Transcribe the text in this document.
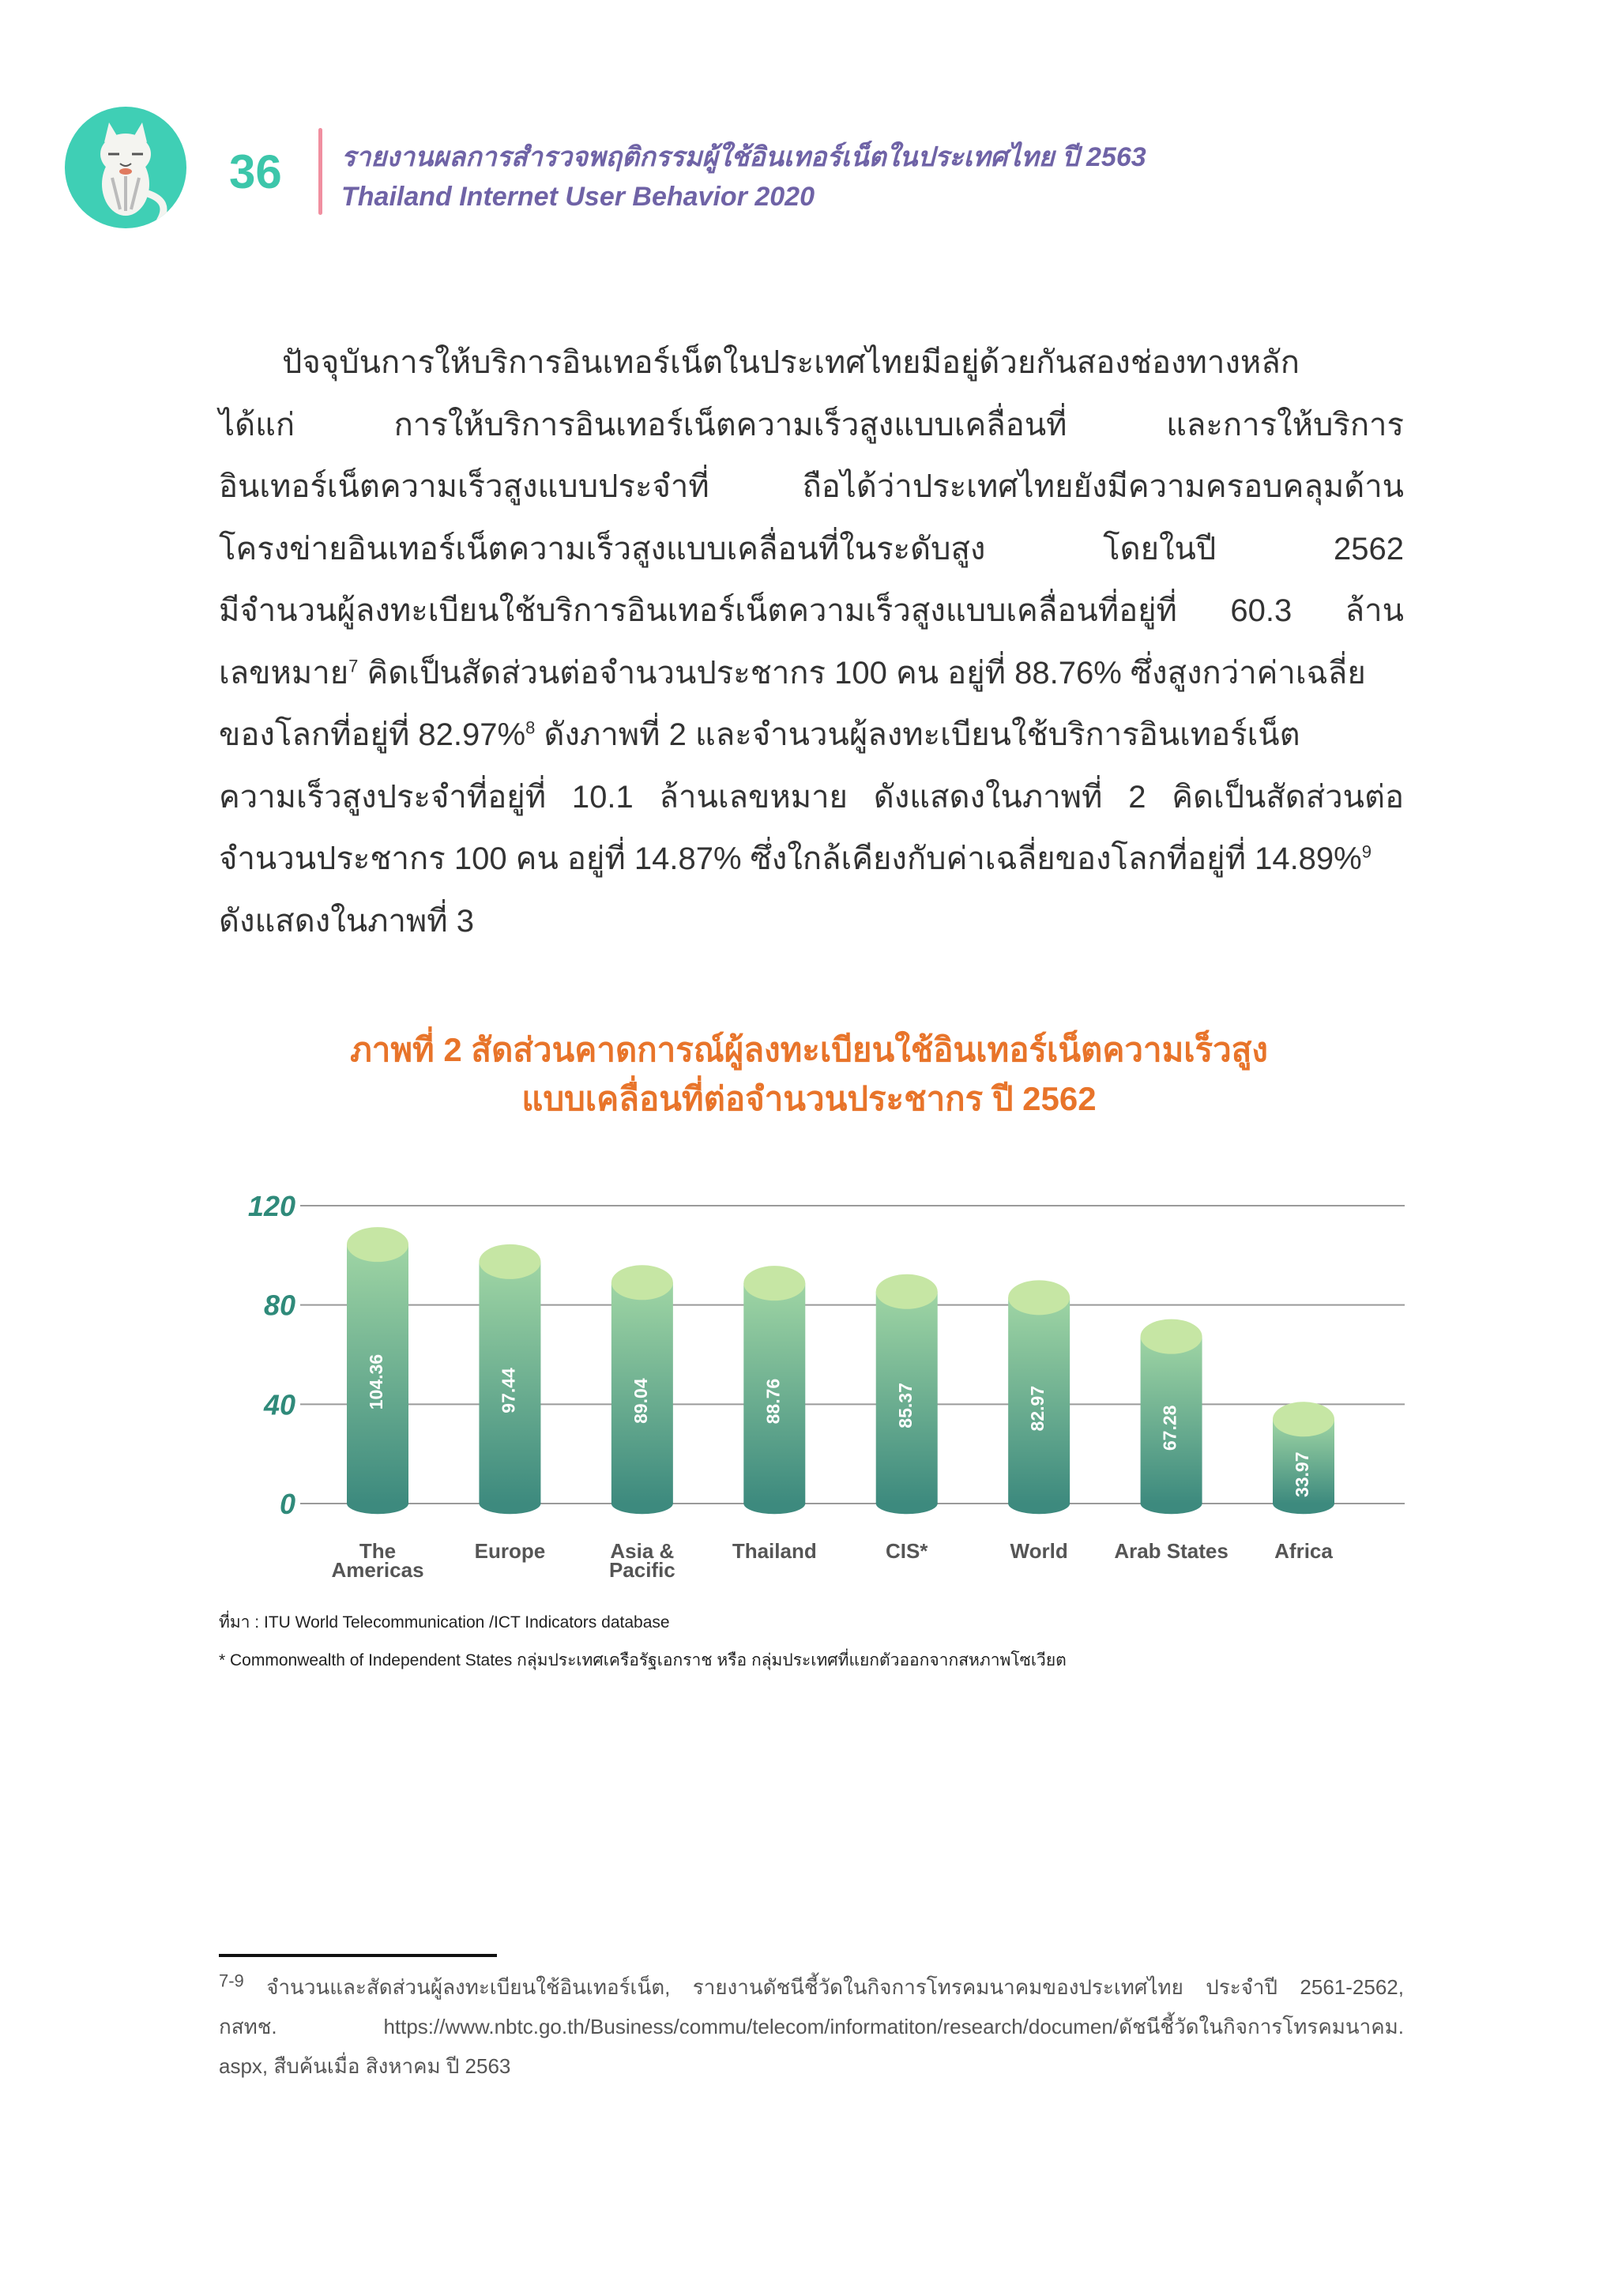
36	รายงานผลการสำรวจพฤติกรรมผู้ใช้อินเทอร์เน็ตในประเทศไทย ปี 2563
Thailand Internet User Behavior 2020
ปัจจุบันการให้บริการอินเทอร์เน็ตในประเทศไทยมีอยู่ด้วยกันสองช่องทางหลัก
ได้แก่ การให้บริการอินเทอร์เน็ตความเร็วสูงแบบเคลื่อนที่ และการให้บริการ
อินเทอร์เน็ตความเร็วสูงแบบประจำที่ ถือได้ว่าประเทศไทยยังมีความครอบคลุมด้าน
โครงข่ายอินเทอร์เน็ตความเร็วสูงแบบเคลื่อนที่ในระดับสูง โดยในปี 2562
มีจำนวนผู้ลงทะเบียนใช้บริการอินเทอร์เน็ตความเร็วสูงแบบเคลื่อนที่อยู่ที่ 60.3 ล้าน
เลขหมาย$^7$ คิดเป็นสัดส่วนต่อจำนวนประชากร 100 คน อยู่ที่ 88.76% ซึ่งสูงกว่าค่าเฉลี่ย
ของโลกที่อยู่ที่ 82.97%$^8$ ดังภาพที่ 2 และจำนวนผู้ลงทะเบียนใช้บริการอินเทอร์เน็ต
ความเร็วสูงประจำที่อยู่ที่ 10.1 ล้านเลขหมาย ดังแสดงในภาพที่ 2 คิดเป็นสัดส่วนต่อ
จำนวนประชากร 100 คน อยู่ที่ 14.87% ซึ่งใกล้เคียงกับค่าเฉลี่ยของโลกที่อยู่ที่ 14.89%$^9$
ดังแสดงในภาพที่ 3
ภาพที่ 2 สัดส่วนคาดการณ์ผู้ลงทะเบียนใช้อินเทอร์เน็ตความเร็วสูง
แบบเคลื่อนที่ต่อจำนวนประชากร ปี 2562
0
40
80
120
104.36
The
Americas
97.44
Europe
89.04
Asia &
Pacific
88.76
Thailand
85.37
CIS*
82.97
World
67.28
Arab States
33.97
Africa
ที่มา : ITU World Telecommunication /ICT Indicators database
* Commonwealth of Independent States กลุ่มประเทศเครือรัฐเอกราช หรือ กลุ่มประเทศที่แยกตัวออกจากสหภาพโซเวียต
$^{7-9}$ จำนวนและสัดส่วนผู้ลงทะเบียนใช้อินเทอร์เน็ต, รายงานดัชนีชี้วัดในกิจการโทรคมนาคมของประเทศไทย ประจำปี 2561-2562,
กสทช. https://www.nbtc.go.th/Business/commu/telecom/informatiton/research/documen/ดัชนีชี้วัดในกิจการโทรคมนาคม.
aspx, สืบค้นเมื่อ สิงหาคม ปี 2563
